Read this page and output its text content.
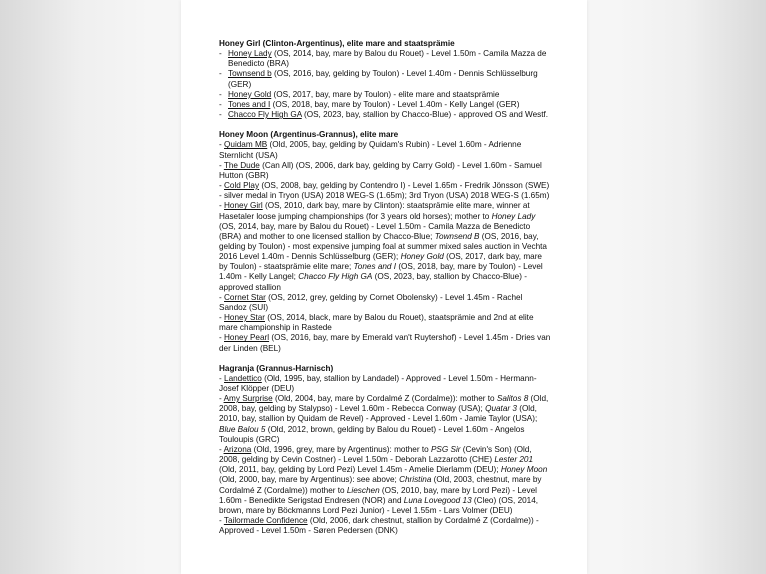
Honey Girl (Clinton-Argentinus), elite mare and staatsprämie
- Honey Lady (OS, 2014, bay, mare by Balou du Rouet) - Level 1.50m - Camila Mazza de Benedicto (BRA)
- Townsend b (OS, 2016, bay, gelding by Toulon) - Level 1.40m - Dennis Schlüsselburg (GER)
- Honey Gold (OS, 2017, bay, mare by Toulon) - elite mare and staatsprämie
- Tones and I (OS, 2018, bay, mare by Toulon) - Level 1.40m - Kelly Langel (GER)
- Chacco Fly High GA (OS, 2023, bay, stallion by Chacco-Blue) - approved OS and Westf.
Honey Moon (Argentinus-Grannus), elite mare
- Quidam MB (Old, 2005, bay, gelding by Quidam's Rubin) - Level 1.60m - Adrienne Sternlicht (USA)
- The Dude (Can All) (OS, 2006, dark bay, gelding by Carry Gold) - Level 1.60m - Samuel Hutton (GBR)
- Cold Play (OS, 2008, bay, gelding by Contendro I) - Level 1.65m - Fredrik Jönsson (SWE) - silver medal in Tryon (USA) 2018 WEG-S (1.65m); 3rd Tryon (USA) 2018 WEG-S (1.65m)
- Honey Girl (OS, 2010, dark bay, mare by Clinton): staatsprämie elite mare, winner at Hasetaler loose jumping championships (for 3 years old horses); mother to Honey Lady (OS, 2014, bay, mare by Balou du Rouet) - Level 1.50m - Camila Mazza de Benedicto (BRA) and mother to one licensed stallion by Chacco-Blue; Townsend B (OS, 2016, bay, gelding by Toulon) - most expensive jumping foal at summer mixed sales auction in Vechta 2016 Level 1.40m - Dennis Schlüsselburg (GER); Honey Gold (OS, 2017, dark bay, mare by Toulon) - staatsprämie elite mare; Tones and I (OS, 2018, bay, mare by Toulon) - Level 1.40m - Kelly Langel; Chacco Fly High GA (OS, 2023, bay, stallion by Chacco-Blue) - approved stallion
- Cornet Star (OS, 2012, grey, gelding by Cornet Obolensky) - Level 1.45m - Rachel Sandoz (SUI)
- Honey Star (OS, 2014, black, mare by Balou du Rouet), staatsprämie and 2nd at elite mare championship in Rastede
- Honey Pearl (OS, 2016, bay, mare by Emerald van't Ruytershof) - Level 1.45m - Dries van der Linden (BEL)
Hagranja (Grannus-Harnisch)
- Landettico (Old, 1995, bay, stallion by Landadel) - Approved - Level 1.50m - Hermann-Josef Klöpper (DEU)
- Amy Surprise (Old, 2004, bay, mare by Cordalmé Z (Cordalme)): mother to Salitos 8 (Old, 2008, bay, gelding by Stalypso) - Level 1.60m - Rebecca Conway (USA); Quatar 3 (Old, 2010, bay, stallion by Quidam de Revel) - Approved - Level 1.60m - Jamie Taylor (USA); Blue Balou 5 (Old, 2012, brown, gelding by Balou du Rouet) - Level 1.60m - Angelos Touloupis (GRC)
- Arizona (Old, 1996, grey, mare by Argentinus): mother to PSG Sir (Cevin's Son) (Old, 2008, gelding by Cevin Costner) - Level 1.50m - Deborah Lazzarotto (CHE) Lester 201 (Old, 2011, bay, gelding by Lord Pezi) Level 1.45m - Amelie Dierlamm (DEU); Honey Moon (Old, 2000, bay, mare by Argentinus): see above; Christina (Old, 2003, chestnut, mare by Cordalmé Z (Cordalme)) mother to Lieschen (OS, 2010, bay, mare by Lord Pezi) - Level 1.60m - Benedikte Serigstad Endresen (NOR) and Luna Lovegood 13 (Cleo) (OS, 2014, brown, mare by Böckmanns Lord Pezi Junior) - Level 1.55m - Lars Volmer (DEU)
- Tailormade Confidence (Old, 2006, dark chestnut, stallion by Cordalmé Z (Cordalme)) - Approved - Level 1.50m - Søren Pedersen (DNK)
